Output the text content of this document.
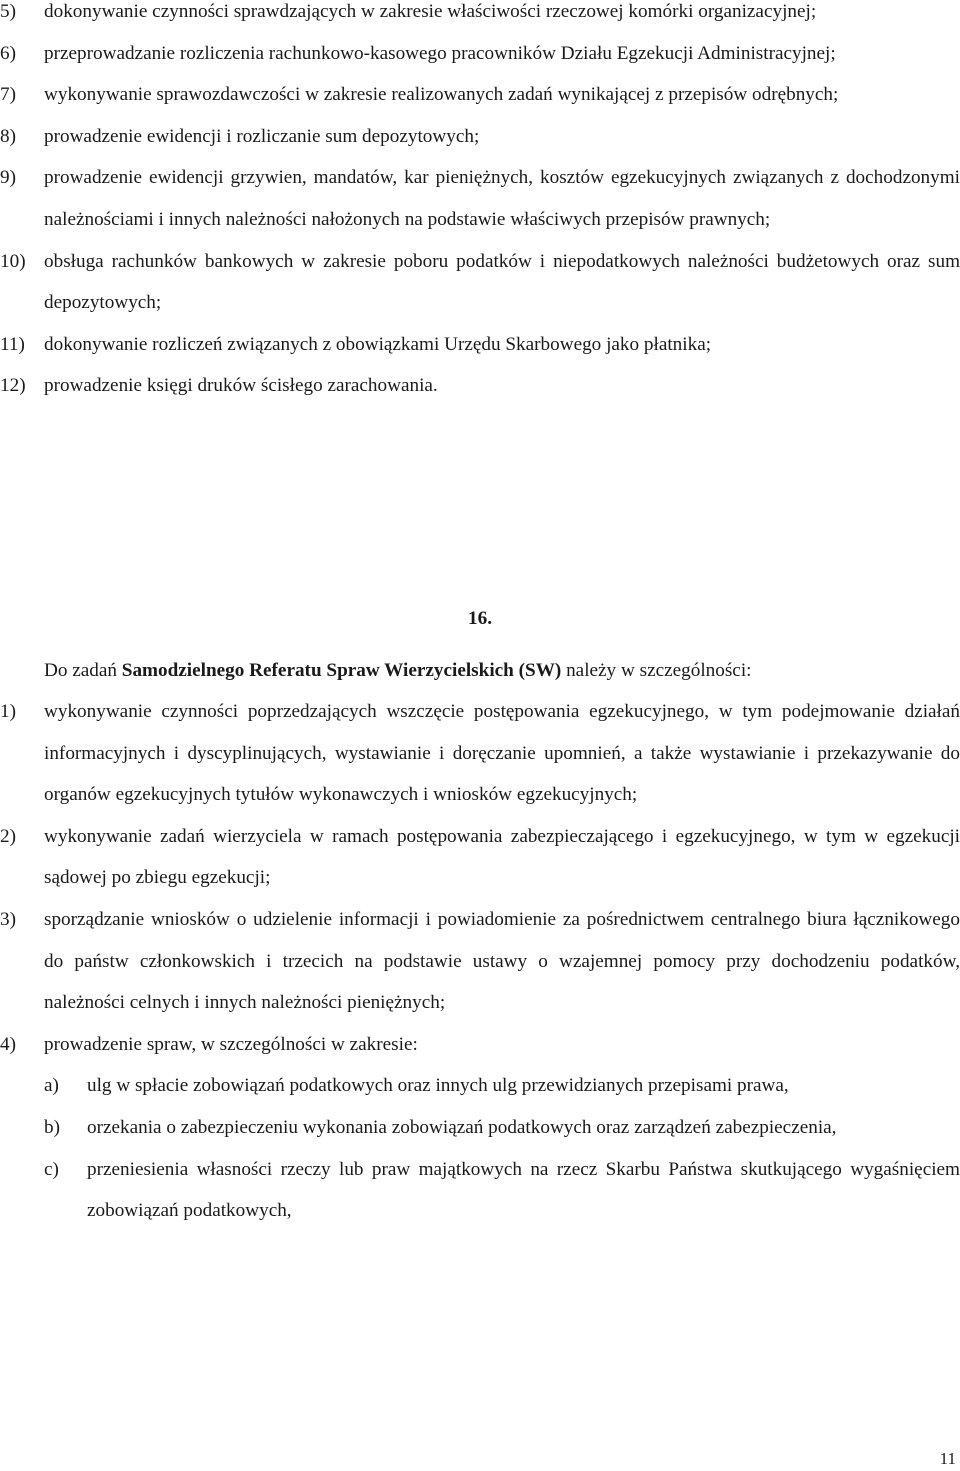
5) dokonywanie czynności sprawdzających w zakresie właściwości rzeczowej komórki organizacyjnej;

6) przeprowadzanie rozliczenia rachunkowo-kasowego pracowników Działu Egzekucji Administracyjnej;

7) wykonywanie sprawozdawczości w zakresie realizowanych zadań wynikającej z przepisów odrębnych;

8) prowadzenie ewidencji i rozliczanie sum depozytowych;

9) prowadzenie ewidencji grzywien, mandatów, kar pieniężnych, kosztów egzekucyjnych związanych z dochodzonymi należnościami i innych należności nałożonych na podstawie właściwych przepisów prawnych;

10) obsługa rachunków bankowych w zakresie poboru podatków i niepodatkowych należności budżetowych oraz sum depozytowych;

11) dokonywanie rozliczeń związanych z obowiązkami Urzędu Skarbowego jako płatnika;

12) prowadzenie księgi druków ścisłego zarachowania.

16.
Do zadań Samodzielnego Referatu Spraw Wierzycielskich (SW) należy w szczególności:

1) wykonywanie czynności poprzedzających wszczęcie postępowania egzekucyjnego, w tym podejmowanie działań informacyjnych i dyscyplinujących, wystawianie i doręczanie upomnień, a także wystawianie i przekazywanie do organów egzekucyjnych tytułów wykonawczych i wniosków egzekucyjnych;

2) wykonywanie zadań wierzyciela w ramach postępowania zabezpieczającego i egzekucyjnego, w tym w egzekucji sądowej po zbiegu egzekucji;

3) sporządzanie wniosków o udzielenie informacji i powiadomienie za pośrednictwem centralnego biura łącznikowego do państw członkowskich i trzecich na podstawie ustawy o wzajemnej pomocy przy dochodzeniu podatków, należności celnych i innych należności pieniężnych;

4) prowadzenie spraw, w szczególności w zakresie:

a) ulg w spłacie zobowiązań podatkowych oraz innych ulg przewidzianych przepisami prawa,

b) orzekania o zabezpieczeniu wykonania zobowiązań podatkowych oraz zarządzeń zabezpieczenia,

c) przeniesienia własności rzeczy lub praw majątkowych na rzecz Skarbu Państwa skutkującego wygaśnięciem zobowiązań podatkowych,

11
